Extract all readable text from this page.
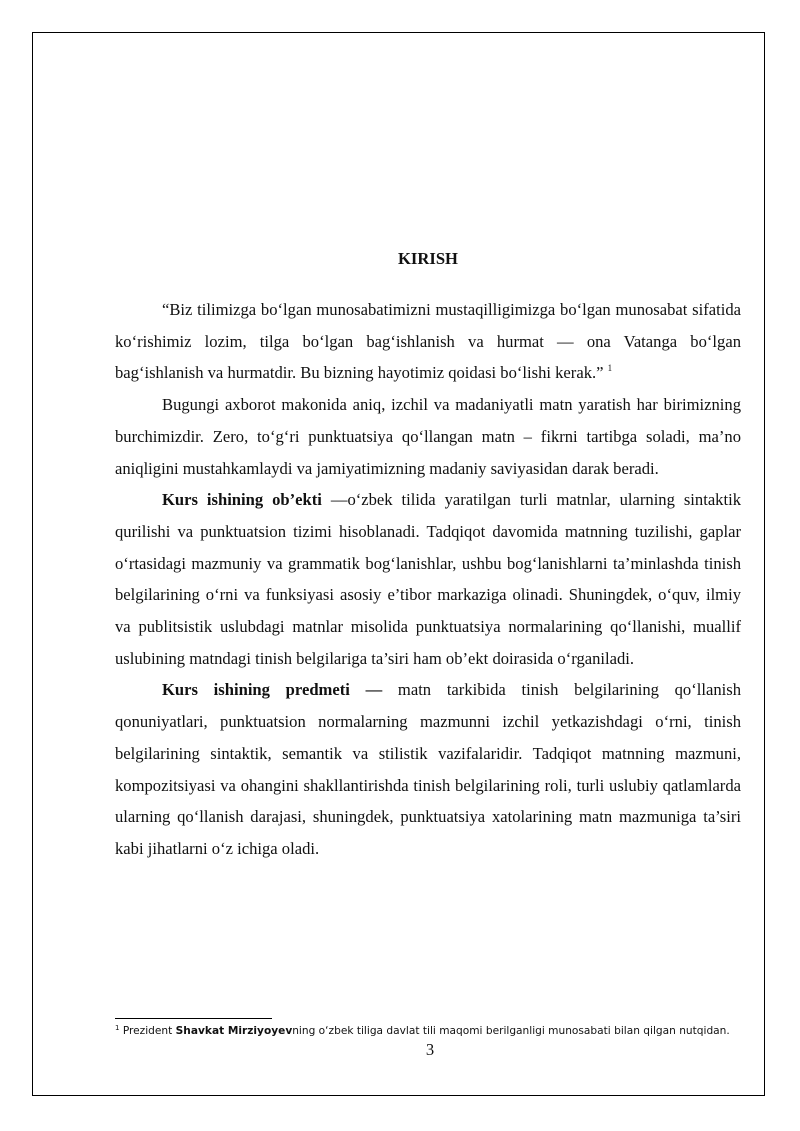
KIRISH

“Biz tilimizga bo‘lgan munosabatimizni mustaqilligimizga bo‘lgan munosabat sifatida ko‘rishimiz lozim, tilga bo‘lgan bag‘ishlanish va hurmat — ona Vatanga bo‘lgan bag‘ishlanish va hurmatdir. Bu bizning hayotimiz qoidasi bo‘lishi kerak.” $^1$

Bugungi axborot makonida aniq, izchil va madaniyatli matn yaratish har birimizning burchimizdir. Zero, to‘g‘ri punktuatsiya qo‘llangan matn – fikrni tartibga soladi, ma’no aniqligini mustahkamlaydi va jamiyatimizning madaniy saviyasidan darak beradi.

Kurs ishining ob’ekti —o‘zbek tilida yaratilgan turli matnlar, ularning sintaktik qurilishi va punktuatsion tizimi hisoblanadi. Tadqiqot davomida matnning tuzilishi, gaplar o‘rtasidagi mazmuniy va grammatik bog‘lanishlar, ushbu bog‘lanishlarni ta’minlashda tinish belgilarining o‘rni va funksiyasi asosiy e’tibor markaziga olinadi. Shuningdek, o‘quv, ilmiy va publitsistik uslubdagi matnlar misolida punktuatsiya normalarining qo‘llanishi, muallif uslubining matndagi tinish belgilariga ta’siri ham ob’ekt doirasida o‘rganiladi.

Kurs ishining predmeti — matn tarkibida tinish belgilarining qo‘llanish qonuniyatlari, punktuatsion normalarning mazmunni izchil yetkazishdagi o‘rni, tinish belgilarining sintaktik, semantik va stilistik vazifalaridir. Tadqiqot matnning mazmuni, kompozitsiyasi va ohangini shakllantirishda tinish belgilarining roli, turli uslubiy qatlamlarda ularning qo‘llanish darajasi, shuningdek, punktuatsiya xatolarining matn mazmuniga ta’siri kabi jihatlarni o‘z ichiga oladi.

$^1$ Prezident Shavkat Mirziyoyevning o‘zbek tiliga davlat tili maqomi berilganligi munosabati bilan qilgan nutqidan.
3
